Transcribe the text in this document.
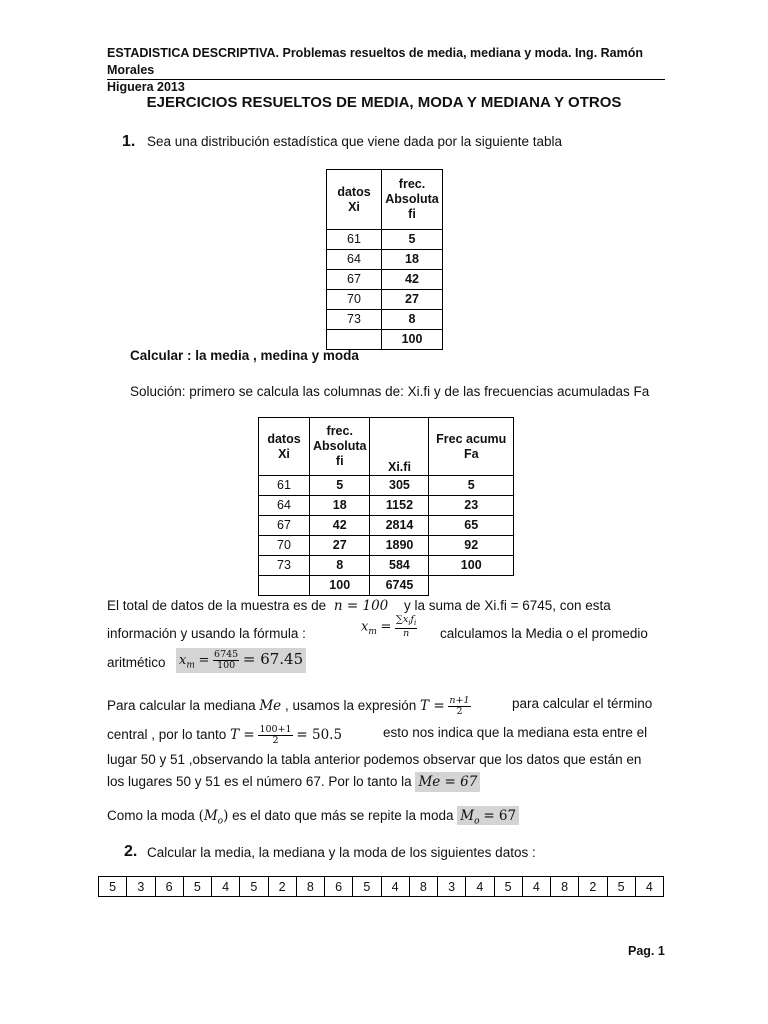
ESTADISTICA DESCRIPTIVA. Problemas resueltos de media, mediana y moda. Ing. Ramón Morales
Higuera 2013
EJERCICIOS RESUELTOS DE MEDIA, MODA Y MEDIANA Y OTROS
1. Sea una distribución estadística que viene dada por la siguiente tabla
datos Xi	frec. Absoluta fi
61	5
64	18
67	42
70	27
73	8
	100
Calcular : la media , medina y moda
Solución: primero se calcula las columnas de: Xi.fi y de las frecuencias acumuladas Fa
datos Xi	frec. Absoluta fi	Xi.fi	Frec acumu Fa
61	5	305	5
64	18	1152	23
67	42	2814	65
70	27	1890	92
73	8	584	100
	100	6745	
El total de datos de la muestra es de n = 100 y la suma de Xi.fi = 6745, con esta
información y usando la fórmula :	$x_m = \frac{\sum x_if_i}{n}$ calculamos la Media o el promedio
aritmético $x_m = \frac{6745}{100} = 67.45$
Para calcular la mediana Me , usamos la expresión $T = \frac{n+1}{2}$	para calcular el término
central , por lo tanto $T = \frac{100+1}{2} = 50.5$	esto nos indica que la mediana esta entre el
lugar 50 y 51 ,observando la tabla anterior podemos observar que los datos que están en
los lugares 50 y 51 es el número 67. Por lo tanto la Me = 67
Como la moda $(M_o)$ es el dato que más se repite la moda $M_o = 67$
2. Calcular la media, la mediana y la moda de los siguientes datos :
5	3	6	5	4	5	2	8	6	5	4	8	3	4	5	4	8	2	5	4
Pag. 1
